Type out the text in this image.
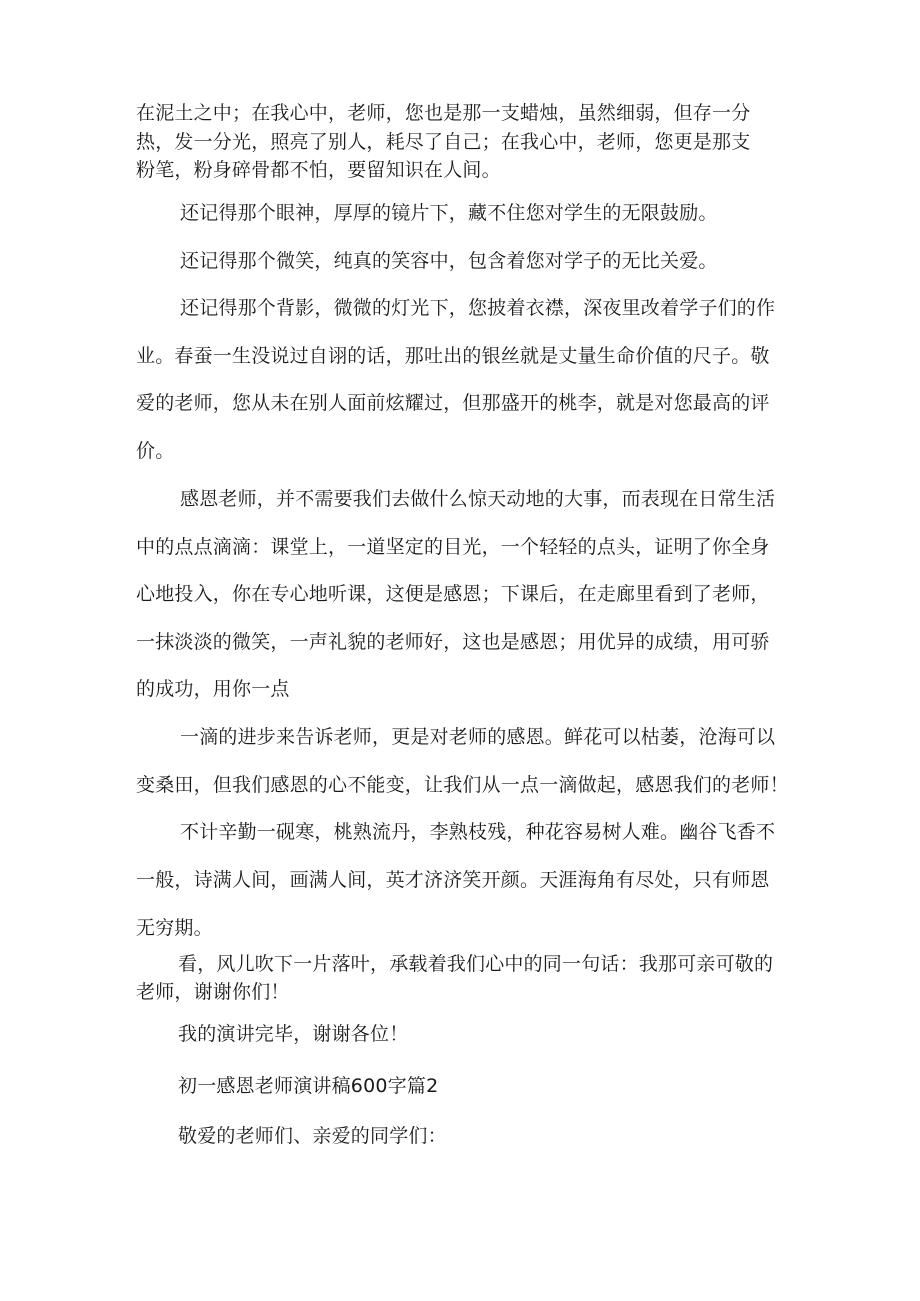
在泥土之中；在我心中，老师，您也是那一支蜡烛，虽然细弱，但存一分
热，发一分光，照亮了别人，耗尽了自己；在我心中，老师，您更是那支
粉笔，粉身碎骨都不怕，要留知识在人间。
还记得那个眼神，厚厚的镜片下，藏不住您对学生的无限鼓励。
还记得那个微笑，纯真的笑容中，包含着您对学子的无比关爱。
还记得那个背影，微微的灯光下，您披着衣襟，深夜里改着学子们的作
业。春蚕一生没说过自诩的话，那吐出的银丝就是丈量生命价值的尺子。敬
爱的老师，您从未在别人面前炫耀过，但那盛开的桃李，就是对您最高的评
价。
感恩老师，并不需要我们去做什么惊天动地的大事，而表现在日常生活
中的点点滴滴：课堂上，一道坚定的目光，一个轻轻的点头，证明了你全身
心地投入，你在专心地听课，这便是感恩；下课后，在走廊里看到了老师，
一抹淡淡的微笑，一声礼貌的老师好，这也是感恩；用优异的成绩，用可骄
的成功，用你一点
一滴的进步来告诉老师，更是对老师的感恩。鲜花可以枯萎，沧海可以
变桑田，但我们感恩的心不能变，让我们从一点一滴做起，感恩我们的老师！
不计辛勤一砚寒，桃熟流丹，李熟枝残，种花容易树人难。幽谷飞香不
一般，诗满人间，画满人间，英才济济笑开颜。天涯海角有尽处，只有师恩
无穷期。
看，风儿吹下一片落叶，承载着我们心中的同一句话：我那可亲可敬的
老师，谢谢你们！
我的演讲完毕，谢谢各位！
初一感恩老师演讲稿600字篇2
敬爱的老师们、亲爱的同学们：
